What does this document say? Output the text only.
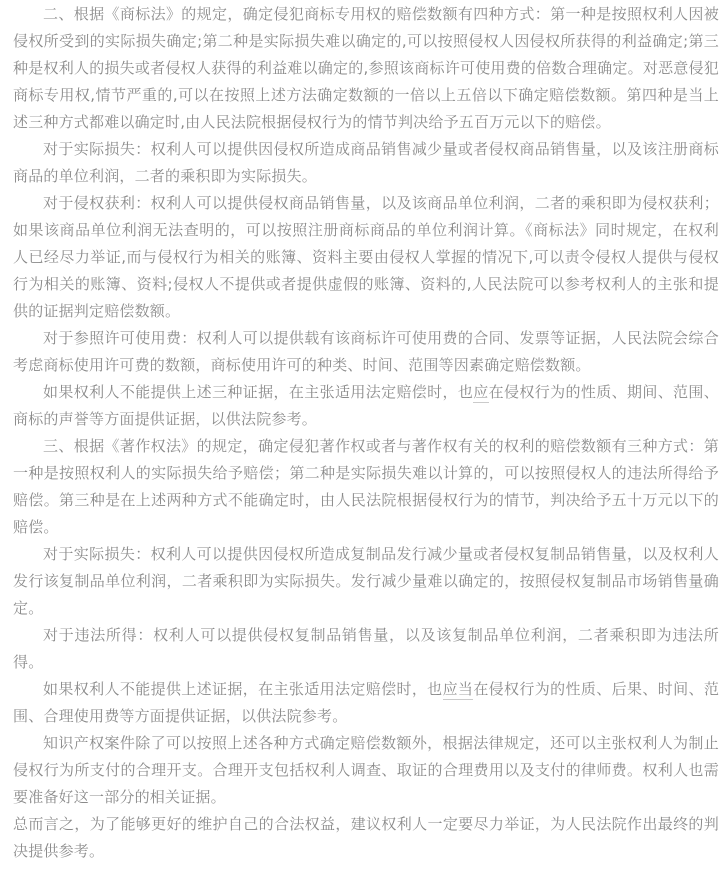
二、根据《商标法》的规定，确定侵犯商标专用权的赔偿数额有四种方式：第一种是按照权利人因被侵权所受到的实际损失确定;第二种是实际损失难以确定的,可以按照侵权人因侵权所获得的利益确定;第三种是权利人的损失或者侵权人获得的利益难以确定的,参照该商标许可使用费的倍数合理确定。对恶意侵犯商标专用权,情节严重的,可以在按照上述方法确定数额的一倍以上五倍以下确定赔偿数额。第四种是当上述三种方式都难以确定时,由人民法院根据侵权行为的情节判决给予五百万元以下的赔偿。

对于实际损失：权利人可以提供因侵权所造成商品销售减少量或者侵权商品销售量，以及该注册商标商品的单位利润，二者的乘积即为实际损失。

对于侵权获利：权利人可以提供侵权商品销售量，以及该商品单位利润，二者的乘积即为侵权获利；如果该商品单位利润无法查明的，可以按照注册商标商品的单位利润计算。《商标法》同时规定，在权利人已经尽力举证,而与侵权行为相关的账簿、资料主要由侵权人掌握的情况下,可以责令侵权人提供与侵权行为相关的账簿、资料;侵权人不提供或者提供虚假的账簿、资料的,人民法院可以参考权利人的主张和提供的证据判定赔偿数额。

对于参照许可使用费：权利人可以提供载有该商标许可使用费的合同、发票等证据，人民法院会综合考虑商标使用许可费的数额，商标使用许可的种类、时间、范围等因素确定赔偿数额。

如果权利人不能提供上述三种证据，在主张适用法定赔偿时，也应在侵权行为的性质、期间、范围、商标的声誉等方面提供证据，以供法院参考。

三、根据《著作权法》的规定，确定侵犯著作权或者与著作权有关的权利的赔偿数额有三种方式：第一种是按照权利人的实际损失给予赔偿；第二种是实际损失难以计算的，可以按照侵权人的违法所得给予赔偿。第三种是在上述两种方式不能确定时，由人民法院根据侵权行为的情节，判决给予五十万元以下的赔偿。

对于实际损失：权利人可以提供因侵权所造成复制品发行减少量或者侵权复制品销售量，以及权利人发行该复制品单位利润，二者乘积即为实际损失。发行减少量难以确定的，按照侵权复制品市场销售量确定。

对于违法所得：权利人可以提供侵权复制品销售量，以及该复制品单位利润，二者乘积即为违法所得。

如果权利人不能提供上述证据，在主张适用法定赔偿时，也应当在侵权行为的性质、后果、时间、范围、合理使用费等方面提供证据，以供法院参考。

知识产权案件除了可以按照上述各种方式确定赔偿数额外，根据法律规定，还可以主张权利人为制止侵权行为所支付的合理开支。合理开支包括权利人调查、取证的合理费用以及支付的律师费。权利人也需要准备好这一部分的相关证据。

总而言之，为了能够更好的维护自己的合法权益，建议权利人一定要尽力举证，为人民法院作出最终的判决提供参考。
